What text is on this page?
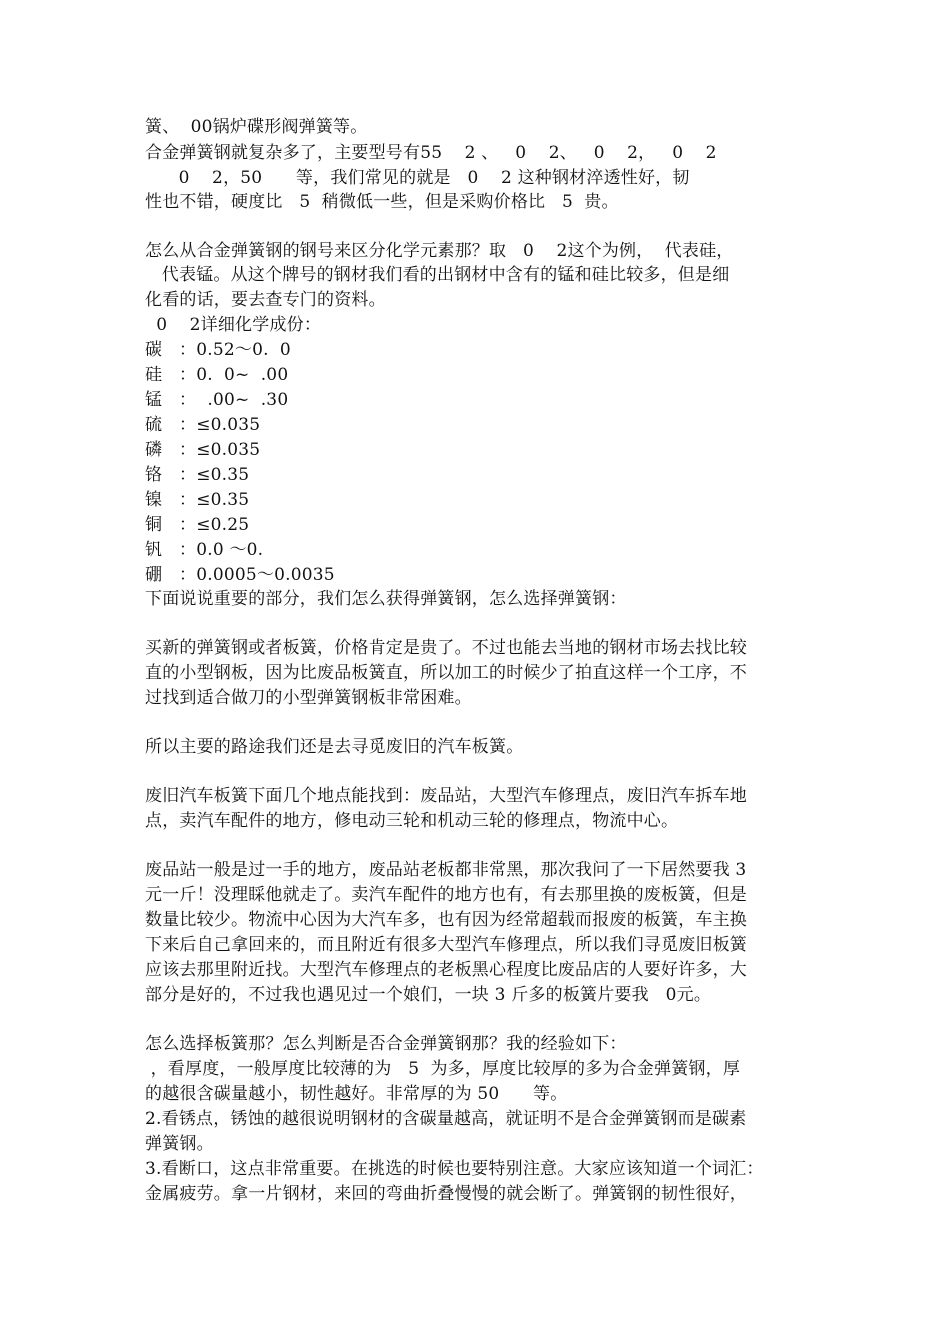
簧、  00锅炉碟形阀弹簧等。

合金弹簧钢就复杂多了，主要型号有55    2 、   0    2、   0    2，   0    2

0    2，50      等，我们常见的就是   0    2 这种钢材淬透性好，韧

性也不错，硬度比   5  稍微低一些，但是采购价格比   5  贵。

怎么从合金弹簧钢的钢号来区分化学元素那？取   0    2这个为例，  代表硅，

代表锰。从这个牌号的钢材我们看的出钢材中含有的锰和硅比较多，但是细

化看的话，要去查专门的资料。

0    2详细化学成份：

碳   ：0.52～0.  0

硅   ：0.  0~  .00

锰   ：  .00~  .30

硫   ：≤0.035

磷   ：≤0.035

铬   ：≤0.35

镍   ：≤0.35

铜   ：≤0.25

钒   ：0.0 ～0.

硼   ：0.0005～0.0035

下面说说重要的部分，我们怎么获得弹簧钢，怎么选择弹簧钢：

买新的弹簧钢或者板簧，价格肯定是贵了。不过也能去当地的钢材市场去找比较

直的小型钢板，因为比废品板簧直，所以加工的时候少了拍直这样一个工序，不

过找到适合做刀的小型弹簧钢板非常困难。

所以主要的路途我们还是去寻觅废旧的汽车板簧。

废旧汽车板簧下面几个地点能找到：废品站，大型汽车修理点，废旧汽车拆车地

点，卖汽车配件的地方，修电动三轮和机动三轮的修理点，物流中心。

废品站一般是过一手的地方，废品站老板都非常黑，那次我问了一下居然要我 3

元一斤！没理睬他就走了。卖汽车配件的地方也有，有去那里换的废板簧，但是

数量比较少。物流中心因为大汽车多，也有因为经常超载而报废的板簧，车主换

下来后自己拿回来的，而且附近有很多大型汽车修理点，所以我们寻觅废旧板簧

应该去那里附近找。大型汽车修理点的老板黑心程度比废品店的人要好许多，大

部分是好的，不过我也遇见过一个娘们，一块 3 斤多的板簧片要我   0元。

怎么选择板簧那？怎么判断是否合金弹簧钢那？我的经验如下：

，看厚度，一般厚度比较薄的为   5  为多，厚度比较厚的多为合金弹簧钢，厚

的越很含碳量越小，韧性越好。非常厚的为 50      等。

2.看锈点，锈蚀的越很说明钢材的含碳量越高，就证明不是合金弹簧钢而是碳素

弹簧钢。

3.看断口，这点非常重要。在挑选的时候也要特别注意。大家应该知道一个词汇：

金属疲劳。拿一片钢材，来回的弯曲折叠慢慢的就会断了。弹簧钢的韧性很好，
